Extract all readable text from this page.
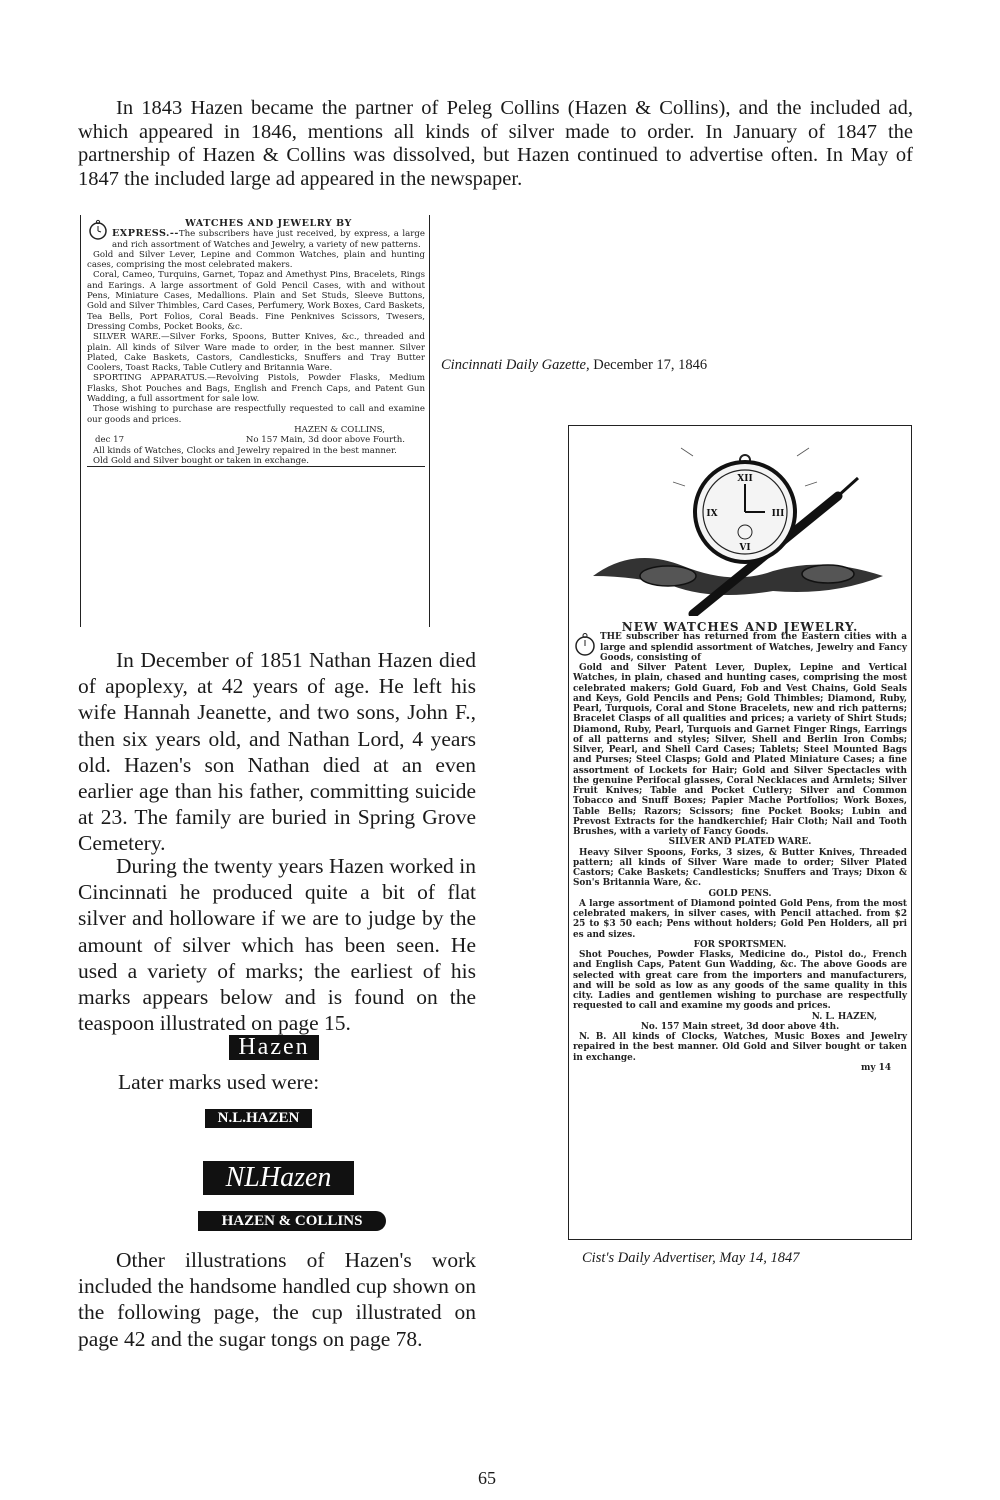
In 1843 Hazen became the partner of Peleg Collins (Hazen & Collins), and the included ad, which appeared in 1846, mentions all kinds of silver made to order. In January of 1847 the partnership of Hazen & Collins was dissolved, but Hazen continued to advertise often. In May of 1847 the included large ad appeared in the newspaper.
WATCHES AND JEWELRY BY
EXPRESS.--The subscribers have just received, by express, a large and rich assortment of Watches and Jewelry, a variety of new patterns.

Gold and Silver Lever, Lepine and Common Watches, plain and hunting cases, comprising the most celebrated makers.

Coral, Cameo, Turquins, Garnet, Topaz and Amethyst Pins, Bracelets, Rings and Earings. A large assortment of Gold Pencil Cases, with and without Pens, Miniature Cases, Medallions. Plain and Set Studs, Sleeve Buttons, Gold and Silver Thimbles, Card Cases, Perfumery, Work Boxes, Card Baskets, Tea Bells, Port Folios, Coral Beads. Fine Penknives Scissors, Twesers, Dressing Combs, Pocket Books, &c.

SILVER WARE.—Silver Forks, Spoons, Butter Knives, &c., threaded and plain. All kinds of Silver Ware made to order, in the best manner. Silver Plated, Cake Baskets, Castors, Candlesticks, Snuffers and Tray Butter Coolers, Toast Racks, Table Cutlery and Britannia Ware.

SPORTING APPARATUS.—Revolving Pistols, Powder Flasks, Medium Flasks, Shot Pouches and Bags, English and French Caps, and Patent Gun Wadding, a full assortment for sale low.

Those wishing to purchase are respectfully requested to call and examine our goods and prices.

HAZEN & COLLINS,
dec 17	No 157 Main, 3d door above Fourth.

All kinds of Watches, Clocks and Jewelry repaired in the best manner.

Old Gold and Silver bought or taken in exchange.

Cincinnati Daily Gazette, December 17, 1846
In December of 1851 Nathan Hazen died of apoplexy, at 42 years of age. He left his wife Hannah Jeanette, and two sons, John F., then six years old, and Nathan Lord, 4 years old. Hazen's son Nathan died at an even earlier age than his father, committing suicide at 23. The family are buried in Spring Grove Cemetery.
During the twenty years Hazen worked in Cincinnati he produced quite a bit of flat silver and holloware if we are to judge by the amount of silver which has been seen. He used a variety of marks; the earliest of his marks appears below and is found on the teaspoon illustrated on page 15.
Hazen
Later marks used were:
N.L.HAZEN
NLHazen
HAZEN & COLLINS
Other illustrations of Hazen's work included the handsome handled cup shown on the following page, the cup illustrated on page 42 and the sugar tongs on page 78.
XII
III
VI
IX
NEW WATCHES AND JEWELRY.

THE subscriber has returned from the Eastern cities with a large and splendid assortment of Watches, Jewelry and Fancy Goods, consisting of

Gold and Silver Patent Lever, Duplex, Lepine and Vertical Watches, in plain, chased and hunting cases, comprising the most celebrated makers; Gold Guard, Fob and Vest Chains, Gold Seals and Keys, Gold Pencils and Pens; Gold Thimbles; Diamond, Ruby, Pearl, Turquois, Coral and Stone Bracelets, new and rich patterns; Bracelet Clasps of all qualities and prices; a variety of Shirt Studs; Diamond, Ruby, Pearl, Turquois and Garnet Finger Rings, Earrings of all patterns and styles; Silver, Shell and Berlin Iron Combs; Silver, Pearl, and Shell Card Cases; Tablets; Steel Mounted Bags and Purses; Steel Clasps; Gold and Plated Miniature Cases; a fine assortment of Lockets for Hair; Gold and Silver Spectacles with the genuine Perifocal glasses, Coral Necklaces and Armlets; Silver Fruit Knives; Table and Pocket Cutlery; Silver and Common Tobacco and Snuff Boxes; Papier Mache Portfolios; Work Boxes, Table Bells; Razors; Scissors; fine Pocket Books; Lubin and Prevost Extracts for the handkerchief; Hair Cloth; Nail and Tooth Brushes, with a variety of Fancy Goods.

SILVER AND PLATED WARE.

Heavy Silver Spoons, Forks, 3 sizes, & Butter Knives, Threaded pattern; all kinds of Silver Ware made to order; Silver Plated Castors; Cake Baskets; Candlesticks; Snuffers and Trays; Dixon & Son's Britannia Ware, &c.

GOLD PENS.

A large assortment of Diamond pointed Gold Pens, from the most celebrated makers, in silver cases, with Pencil attached. from $2 25 to $3 50 each; Pens without holders; Gold Pen Holders, all pri es and sizes.

FOR SPORTSMEN.

Shot Pouches, Powder Flasks, Medicine do., Pistol do., French and English Caps, Patent Gun Wadding, &c. The above Goods are selected with great care from the importers and manufacturers, and will be sold as low as any goods of the same quality in this city. Ladies and gentlemen wishing to purchase are respectfully requested to call and examine my goods and prices.

N. L. HAZEN,

No. 157 Main street, 3d door above 4th.

N. B. All kinds of Clocks, Watches, Music Boxes and Jewelry repaired in the best manner. Old Gold and Silver bought or taken in exchange.

my 14

Cist's Daily Advertiser, May 14, 1847
65
